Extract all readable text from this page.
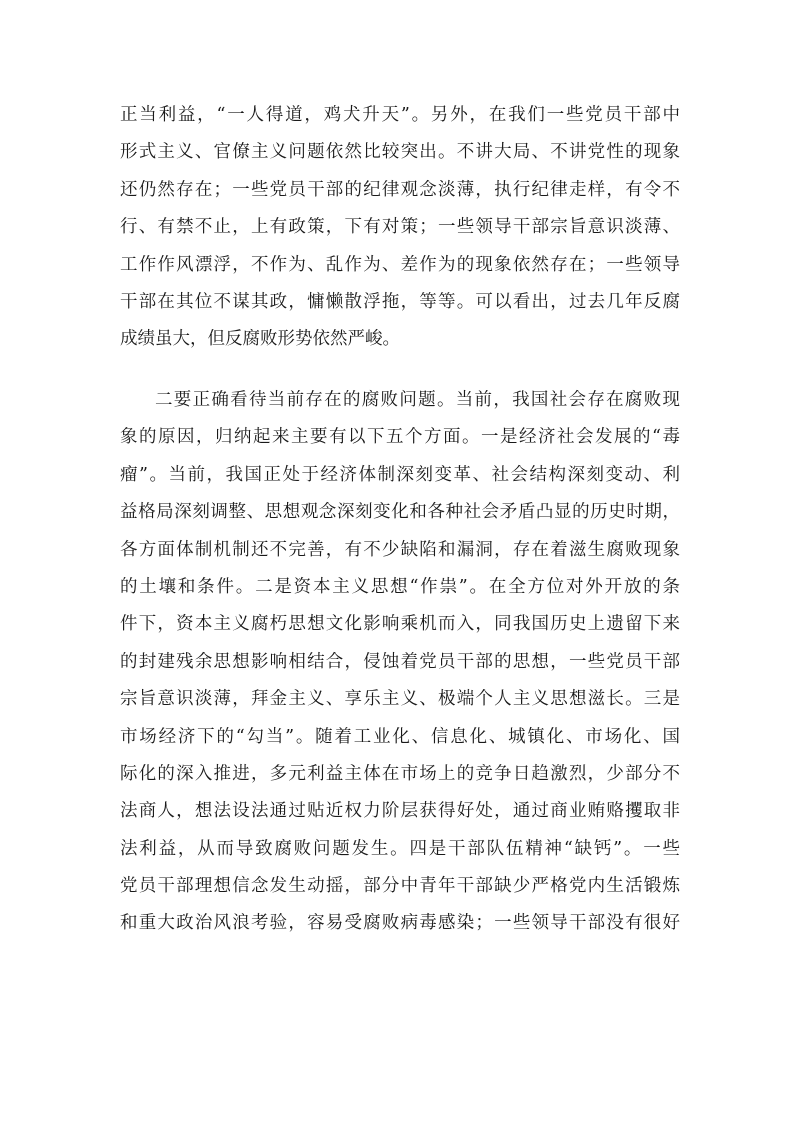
正当利益，“一人得道，鸡犬升天”。另外，在我们一些党员干部中
形式主义、官僚主义问题依然比较突出。不讲大局、不讲党性的现象
还仍然存在；一些党员干部的纪律观念淡薄，执行纪律走样，有令不
行、有禁不止，上有政策，下有对策；一些领导干部宗旨意识淡薄、
工作作风漂浮，不作为、乱作为、差作为的现象依然存在；一些领导
干部在其位不谋其政，慵懒散浮拖，等等。可以看出，过去几年反腐
成绩虽大，但反腐败形势依然严峻。
二要正确看待当前存在的腐败问题。当前，我国社会存在腐败现
象的原因，归纳起来主要有以下五个方面。一是经济社会发展的“毒
瘤”。当前，我国正处于经济体制深刻变革、社会结构深刻变动、利
益格局深刻调整、思想观念深刻变化和各种社会矛盾凸显的历史时期，
各方面体制机制还不完善，有不少缺陷和漏洞，存在着滋生腐败现象
的土壤和条件。二是资本主义思想“作祟”。在全方位对外开放的条
件下，资本主义腐朽思想文化影响乘机而入，同我国历史上遗留下来
的封建残余思想影响相结合，侵蚀着党员干部的思想，一些党员干部
宗旨意识淡薄，拜金主义、享乐主义、极端个人主义思想滋长。三是
市场经济下的“勾当”。随着工业化、信息化、城镇化、市场化、国
际化的深入推进，多元利益主体在市场上的竞争日趋激烈，少部分不
法商人，想法设法通过贴近权力阶层获得好处，通过商业贿赂攫取非
法利益，从而导致腐败问题发生。四是干部队伍精神“缺钙”。一些
党员干部理想信念发生动摇，部分中青年干部缺少严格党内生活锻炼
和重大政治风浪考验，容易受腐败病毒感染；一些领导干部没有很好
